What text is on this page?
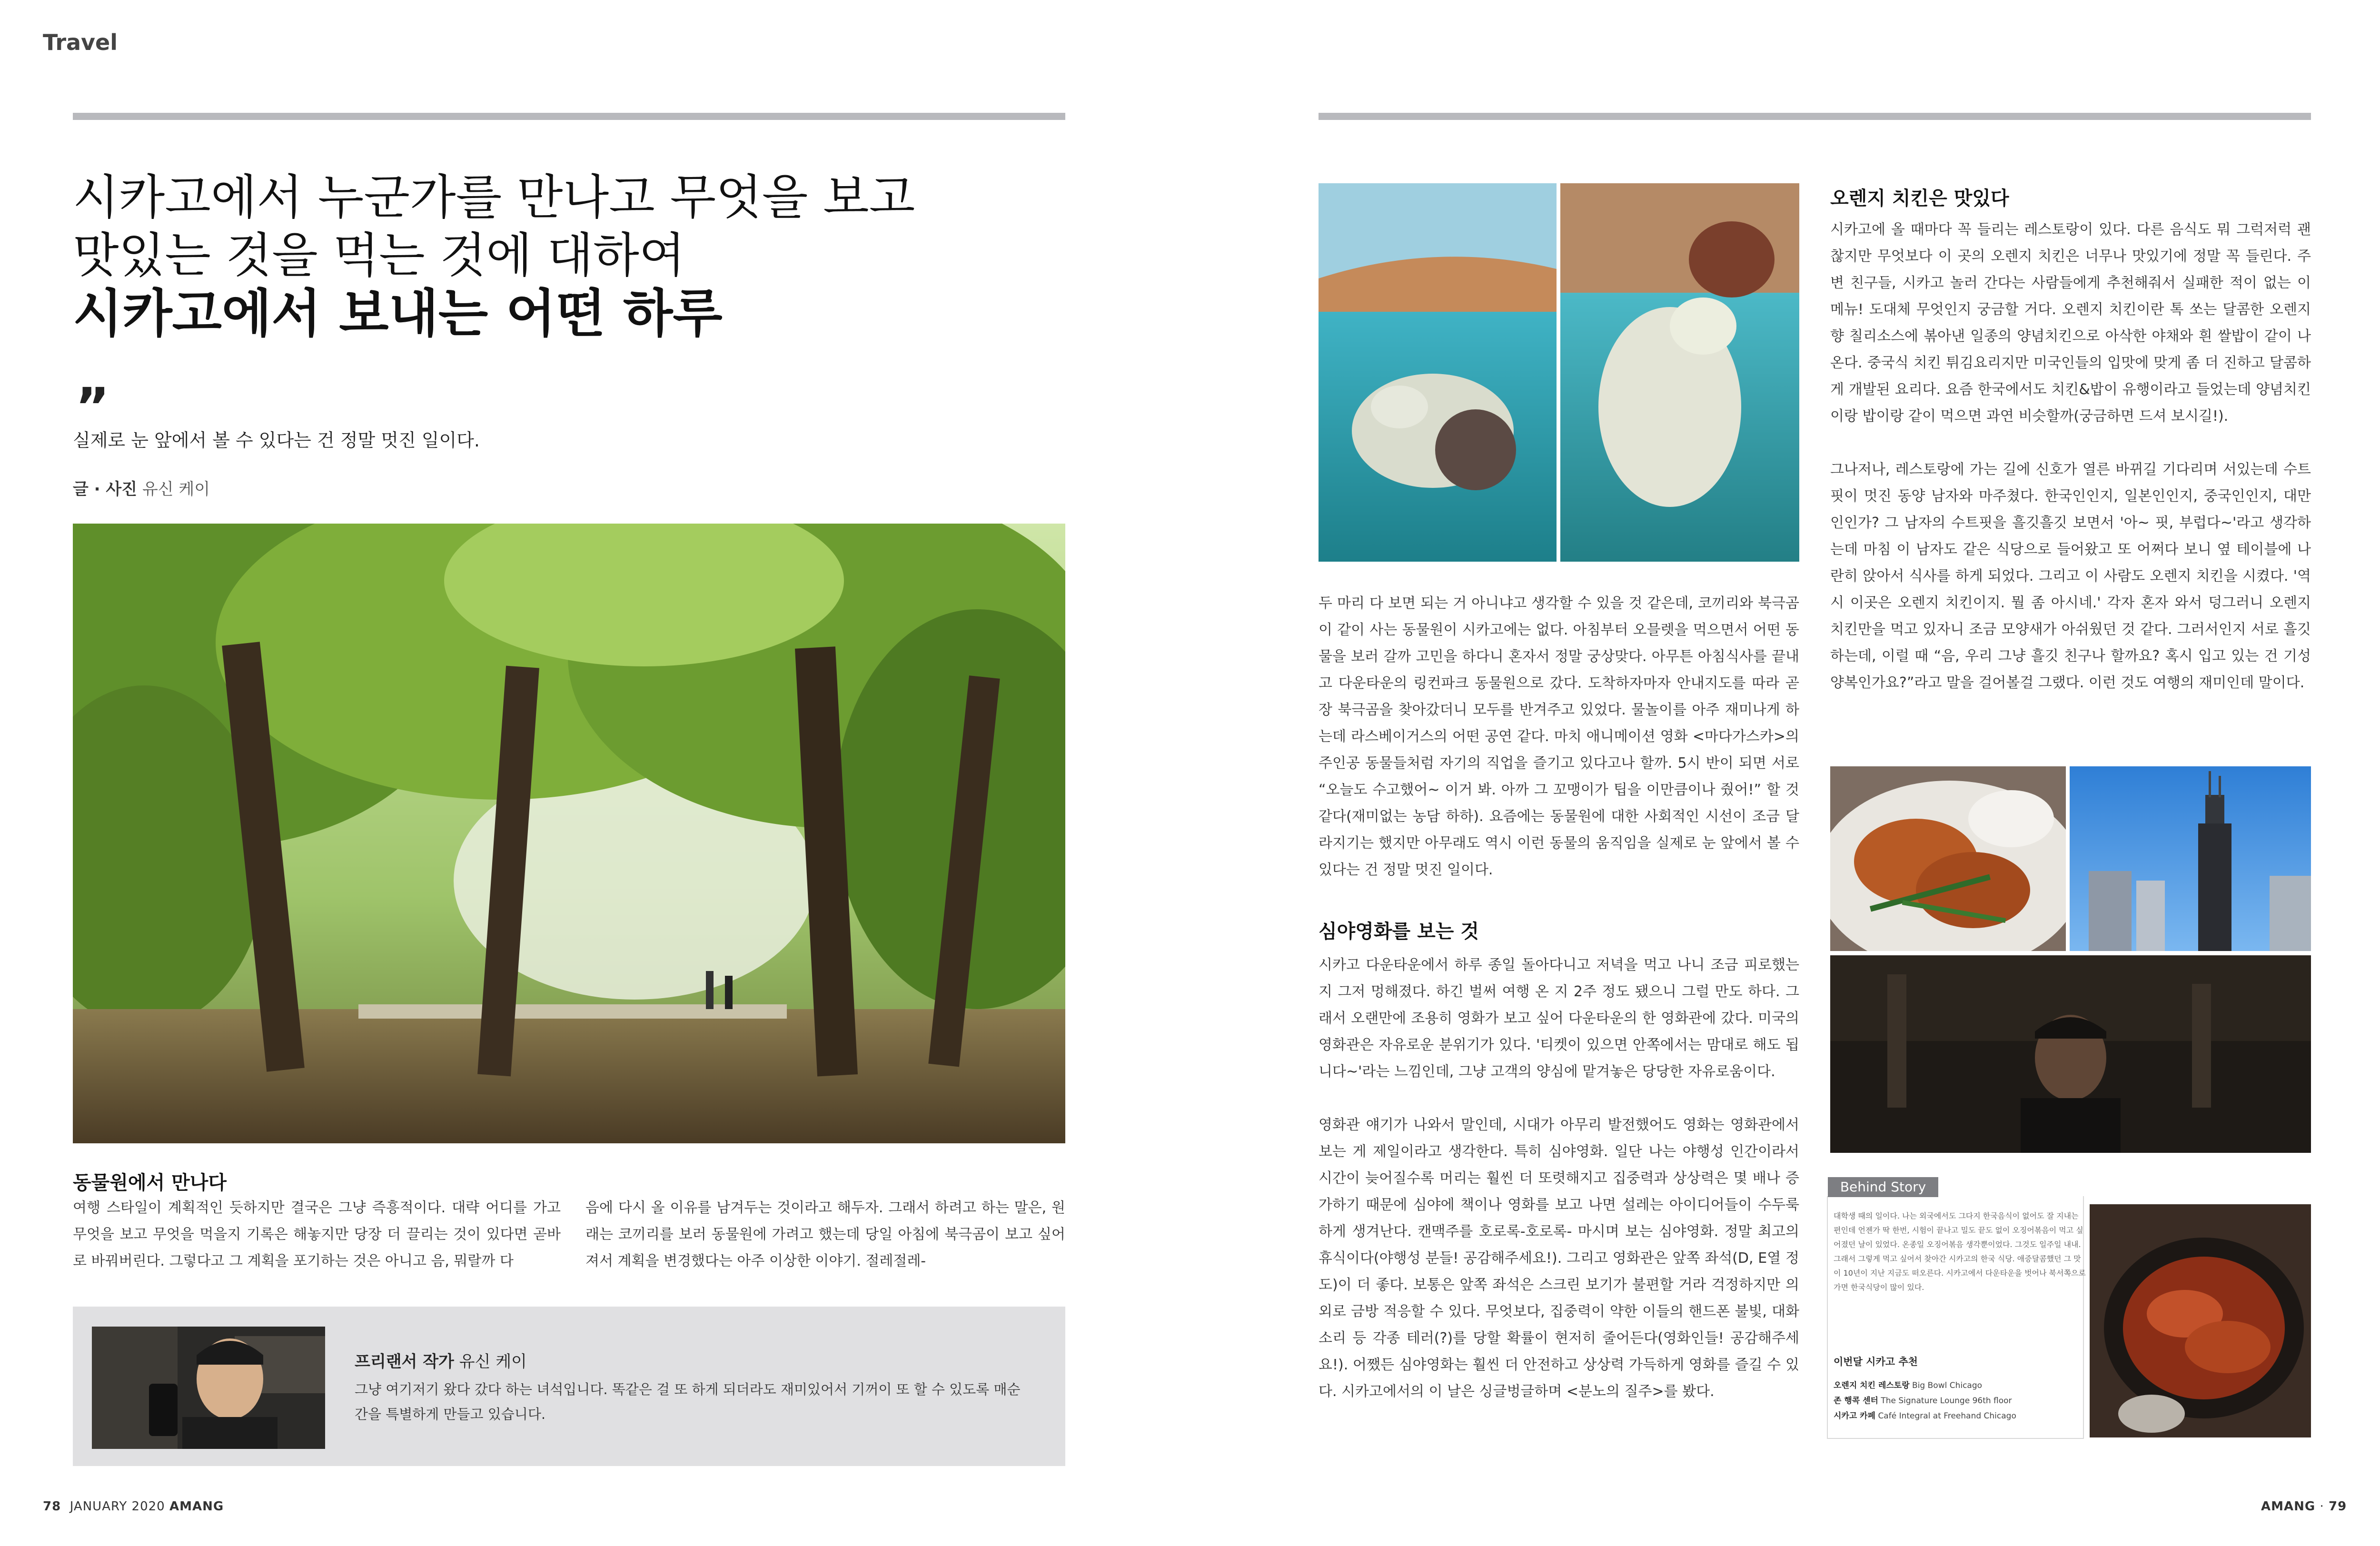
Travel
시카고에서 누군가를 만나고 무엇을 보고
맛있는 것을 먹는 것에 대하여
시카고에서 보내는 어떤 하루
”
실제로 눈 앞에서 볼 수 있다는 건 정말 멋진 일이다.
글 · 사진 유신 케이
동물원에서 만나다
여행 스타일이 계획적인 듯하지만 결국은 그냥 즉흥적이다. 대략 어디를 가고 무엇을 보고 무엇을 먹을지 기록은 해놓지만 당장 더 끌리는 것이 있다면 곧바로 바꿔버린다. 그렇다고 그 계획을 포기하는 것은 아니고 음, 뭐랄까 다
음에 다시 올 이유를 남겨두는 것이라고 해두자. 그래서 하려고 하는 말은, 원래는 코끼리를 보러 동물원에 가려고 했는데 당일 아침에 북극곰이 보고 싶어져서 계획을 변경했다는 아주 이상한 이야기. 절레절레-
프리랜서 작가 유신 케이
그냥 여기저기 왔다 갔다 하는 녀석입니다. 똑같은 걸 또 하게 되더라도 재미있어서 기꺼이 또 할 수 있도록 매순간을 특별하게 만들고 있습니다.
78 JANUARY 2020 AMANG
두 마리 다 보면 되는 거 아니냐고 생각할 수 있을 것 같은데, 코끼리와 북극곰이 같이 사는 동물원이 시카고에는 없다. 아침부터 오믈렛을 먹으면서 어떤 동물을 보러 갈까 고민을 하다니 혼자서 정말 궁상맞다. 아무튼 아침식사를 끝내고 다운타운의 링컨파크 동물원으로 갔다. 도착하자마자 안내지도를 따라 곧장 북극곰을 찾아갔더니 모두를 반겨주고 있었다. 물놀이를 아주 재미나게 하는데 라스베이거스의 어떤 공연 같다. 마치 애니메이션 영화 <마다가스카>의 주인공 동물들처럼 자기의 직업을 즐기고 있다고나 할까. 5시 반이 되면 서로 “오늘도 수고했어~ 이거 봐. 아까 그 꼬맹이가 팁을 이만큼이나 줬어!” 할 것 같다(재미없는 농담 하하). 요즘에는 동물원에 대한 사회적인 시선이 조금 달라지기는 했지만 아무래도 역시 이런 동물의 움직임을 실제로 눈 앞에서 볼 수 있다는 건 정말 멋진 일이다.
심야영화를 보는 것

시카고 다운타운에서 하루 종일 돌아다니고 저녁을 먹고 나니 조금 피로했는지 그저 멍해졌다. 하긴 벌써 여행 온 지 2주 정도 됐으니 그럴 만도 하다. 그래서 오랜만에 조용히 영화가 보고 싶어 다운타운의 한 영화관에 갔다. 미국의 영화관은 자유로운 분위기가 있다. '티켓이 있으면 안쪽에서는 맘대로 해도 됩니다~'라는 느낌인데, 그냥 고객의 양심에 맡겨놓은 당당한 자유로움이다.

영화관 얘기가 나와서 말인데, 시대가 아무리 발전했어도 영화는 영화관에서 보는 게 제일이라고 생각한다. 특히 심야영화. 일단 나는 야행성 인간이라서 시간이 늦어질수록 머리는 훨씬 더 또렷해지고 집중력과 상상력은 몇 배나 증가하기 때문에 심야에 책이나 영화를 보고 나면 설레는 아이디어들이 수두룩하게 생겨난다. 캔맥주를 호로록-호로록- 마시며 보는 심야영화. 정말 최고의 휴식이다(야행성 분들! 공감해주세요!). 그리고 영화관은 앞쪽 좌석(D, E열 정도)이 더 좋다. 보통은 앞쪽 좌석은 스크린 보기가 불편할 거라 걱정하지만 의외로 금방 적응할 수 있다. 무엇보다, 집중력이 약한 이들의 핸드폰 불빛, 대화 소리 등 각종 테러(?)를 당할 확률이 현저히 줄어든다(영화인들! 공감해주세요!). 어쨌든 심야영화는 훨씬 더 안전하고 상상력 가득하게 영화를 즐길 수 있다. 시카고에서의 이 날은 싱글벙글하며 <분노의 질주>를 봤다.

오렌지 치킨은 맛있다

시카고에 올 때마다 꼭 들리는 레스토랑이 있다. 다른 음식도 뭐 그럭저럭 괜찮지만 무엇보다 이 곳의 오렌지 치킨은 너무나 맛있기에 정말 꼭 들린다. 주변 친구들, 시카고 놀러 간다는 사람들에게 추천해줘서 실패한 적이 없는 이 메뉴! 도대체 무엇인지 궁금할 거다. 오렌지 치킨이란 톡 쏘는 달콤한 오렌지 향 칠리소스에 볶아낸 일종의 양념치킨으로 아삭한 야채와 흰 쌀밥이 같이 나온다. 중국식 치킨 튀김요리지만 미국인들의 입맛에 맞게 좀 더 진하고 달콤하게 개발된 요리다. 요즘 한국에서도 치킨&밥이 유행이라고 들었는데 양념치킨이랑 밥이랑 같이 먹으면 과연 비슷할까(궁금하면 드셔 보시길!).

그나저나, 레스토랑에 가는 길에 신호가 열른 바뀌길 기다리며 서있는데 수트핏이 멋진 동양 남자와 마주쳤다. 한국인인지, 일본인인지, 중국인인지, 대만인인가? 그 남자의 수트핏을 흘깃흘깃 보면서 '아~ 핏, 부럽다~'라고 생각하는데 마침 이 남자도 같은 식당으로 들어왔고 또 어쩌다 보니 옆 테이블에 나란히 앉아서 식사를 하게 되었다. 그리고 이 사람도 오렌지 치킨을 시켰다. '역시 이곳은 오렌지 치킨이지. 뭘 좀 아시네.' 각자 혼자 와서 덩그러니 오렌지 치킨만을 먹고 있자니 조금 모양새가 아쉬웠던 것 같다. 그러서인지 서로 흘깃하는데, 이럴 때 “음, 우리 그냥 흘깃 친구나 할까요? 혹시 입고 있는 건 기성 양복인가요?”라고 말을 걸어볼걸 그랬다. 이런 것도 여행의 재미인데 말이다.

Behind Story
대학생 때의 일이다. 나는 외국에서도 그다지 한국음식이 없어도 잘 지내는 편인데 언젠가 딱 한번, 시험이 끝나고 밀도 끝도 없이 오징어볶음이 먹고 싶어졌던 날이 있었다. 온종일 오징어볶음 생각뿐이었다. 그것도 일주일 내내. 그래서 그렇게 먹고 싶어서 찾아간 시카고의 한국 식당. 애증달콤했던 그 맛이 10년이 지난 지금도 떠오른다. 시카고에서 다운타운을 벗어나 북서쪽으로 가면 한국식당이 많이 있다.
이번달 시카고 추천
오렌지 치킨 레스토랑 Big Bowl Chicago
존 행콕 센터 The Signature Lounge 96th floor
시카고 카페 Café Integral at Freehand Chicago
AMANG · 79
